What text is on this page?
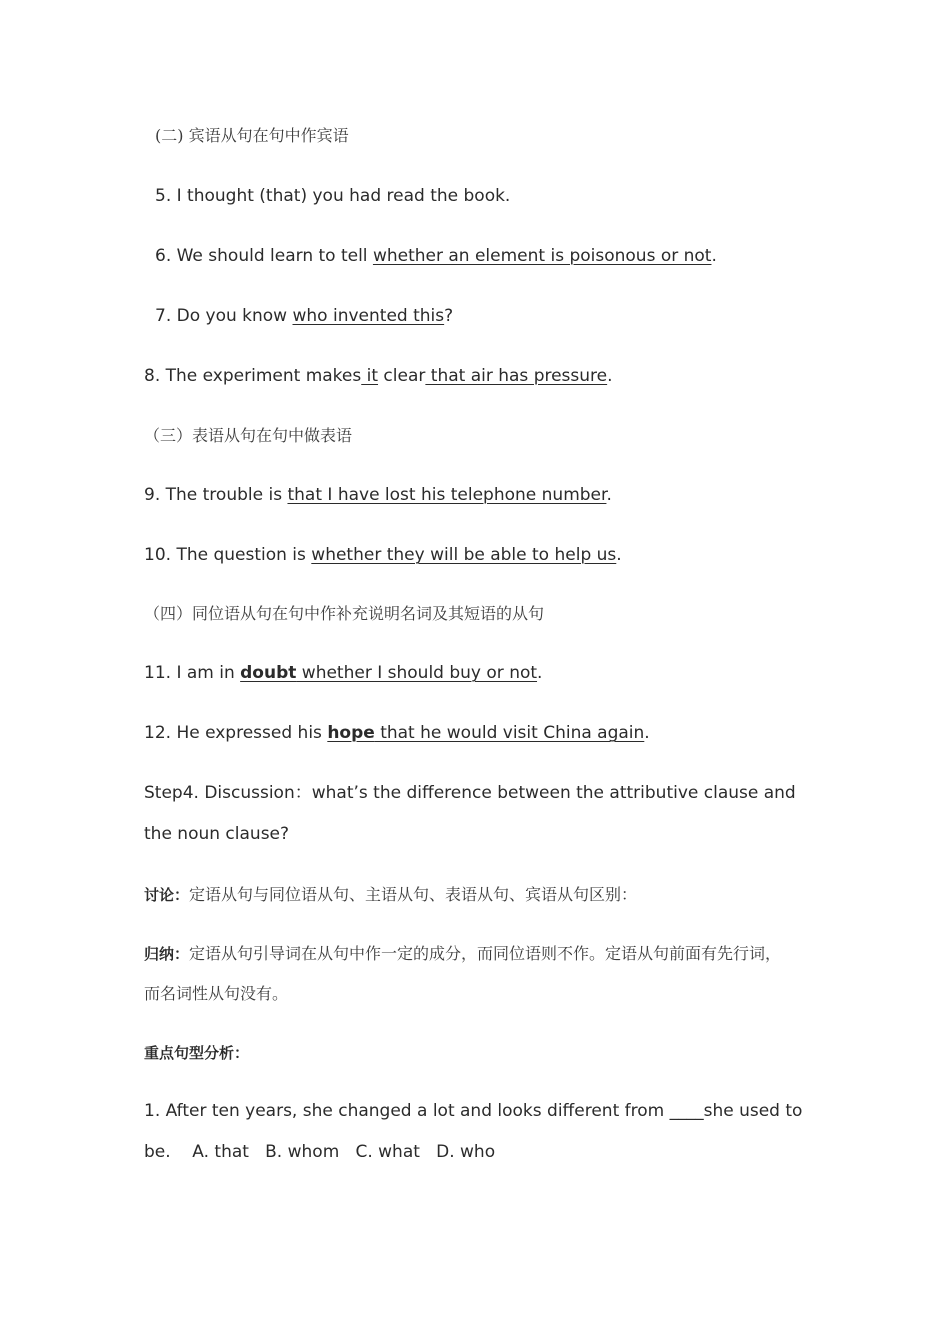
(二) 宾语从句在句中作宾语
5. I thought (that) you had read the book.
6. We should learn to tell whether an element is poisonous or not.
7. Do you know who invented this?
8. The experiment makes it clear that air has pressure.
（三）表语从句在句中做表语
9. The trouble is that I have lost his telephone number.
10. The question is whether they will be able to help us.
（四）同位语从句在句中作补充说明名词及其短语的从句
11. I am in doubt whether I should buy or not.
12. He expressed his hope that he would visit China again.
Step4. Discussion：what’s the difference between the attributive clause and
the noun clause?
讨论：定语从句与同位语从句、主语从句、表语从句、宾语从句区别：
归纳：定语从句引导词在从句中作一定的成分，而同位语则不作。定语从句前面有先行词，
而名词性从句没有。
重点句型分析：
1. After ten years, she changed a lot and looks different from ____she used to
be.    A. that   B. whom   C. what   D. who
